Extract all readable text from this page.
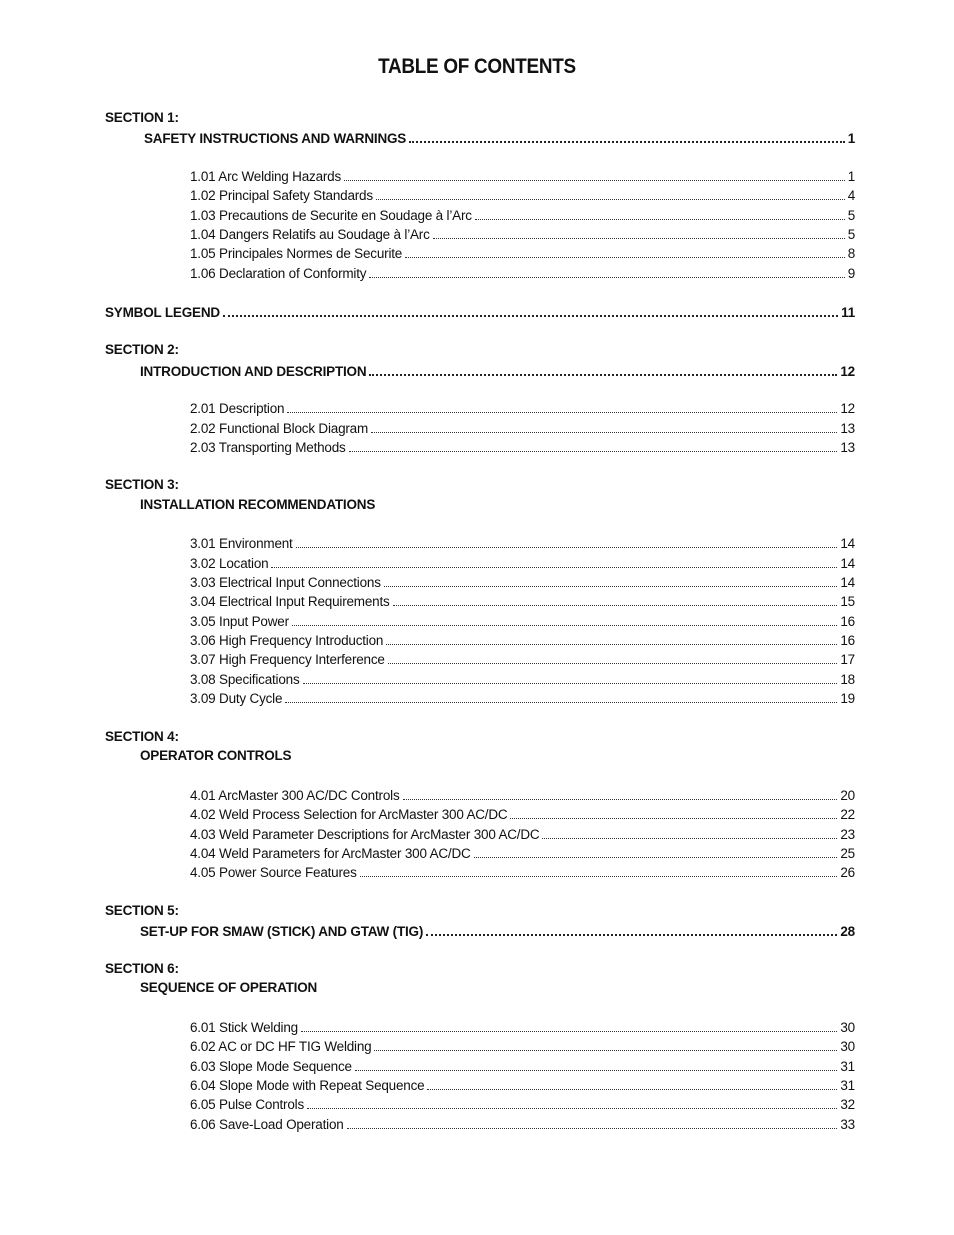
TABLE OF CONTENTS
SECTION 1:
SAFETY INSTRUCTIONS AND WARNINGS	1
1.01 Arc Welding Hazards	1
1.02 Principal Safety Standards	4
1.03 Precautions de Securite en Soudage à l’Arc	5
1.04 Dangers Relatifs au Soudage à l’Arc	5
1.05 Principales Normes de Securite	8
1.06 Declaration of Conformity	9
SYMBOL LEGEND	11
SECTION 2:
INTRODUCTION AND DESCRIPTION	12
2.01 Description	12
2.02 Functional Block Diagram	13
2.03 Transporting Methods	13
SECTION 3:
INSTALLATION RECOMMENDATIONS
3.01 Environment	14
3.02 Location	14
3.03 Electrical Input Connections	14
3.04 Electrical Input Requirements	15
3.05 Input Power	16
3.06 High Frequency Introduction	16
3.07 High Frequency Interference	17
3.08 Specifications	18
3.09 Duty Cycle	19
SECTION 4:
OPERATOR CONTROLS
4.01 ArcMaster 300 AC/DC Controls	20
4.02 Weld Process Selection for ArcMaster 300 AC/DC	22
4.03 Weld Parameter Descriptions for ArcMaster 300 AC/DC	23
4.04 Weld Parameters for ArcMaster 300 AC/DC	25
4.05 Power Source Features	26
SECTION 5:
SET-UP FOR SMAW (STICK) AND GTAW (TIG)	28
SECTION 6:
SEQUENCE OF OPERATION
6.01 Stick Welding	30
6.02 AC or DC HF TIG Welding	30
6.03 Slope Mode Sequence	31
6.04 Slope Mode with Repeat Sequence	31
6.05 Pulse Controls	32
6.06 Save-Load Operation	33
